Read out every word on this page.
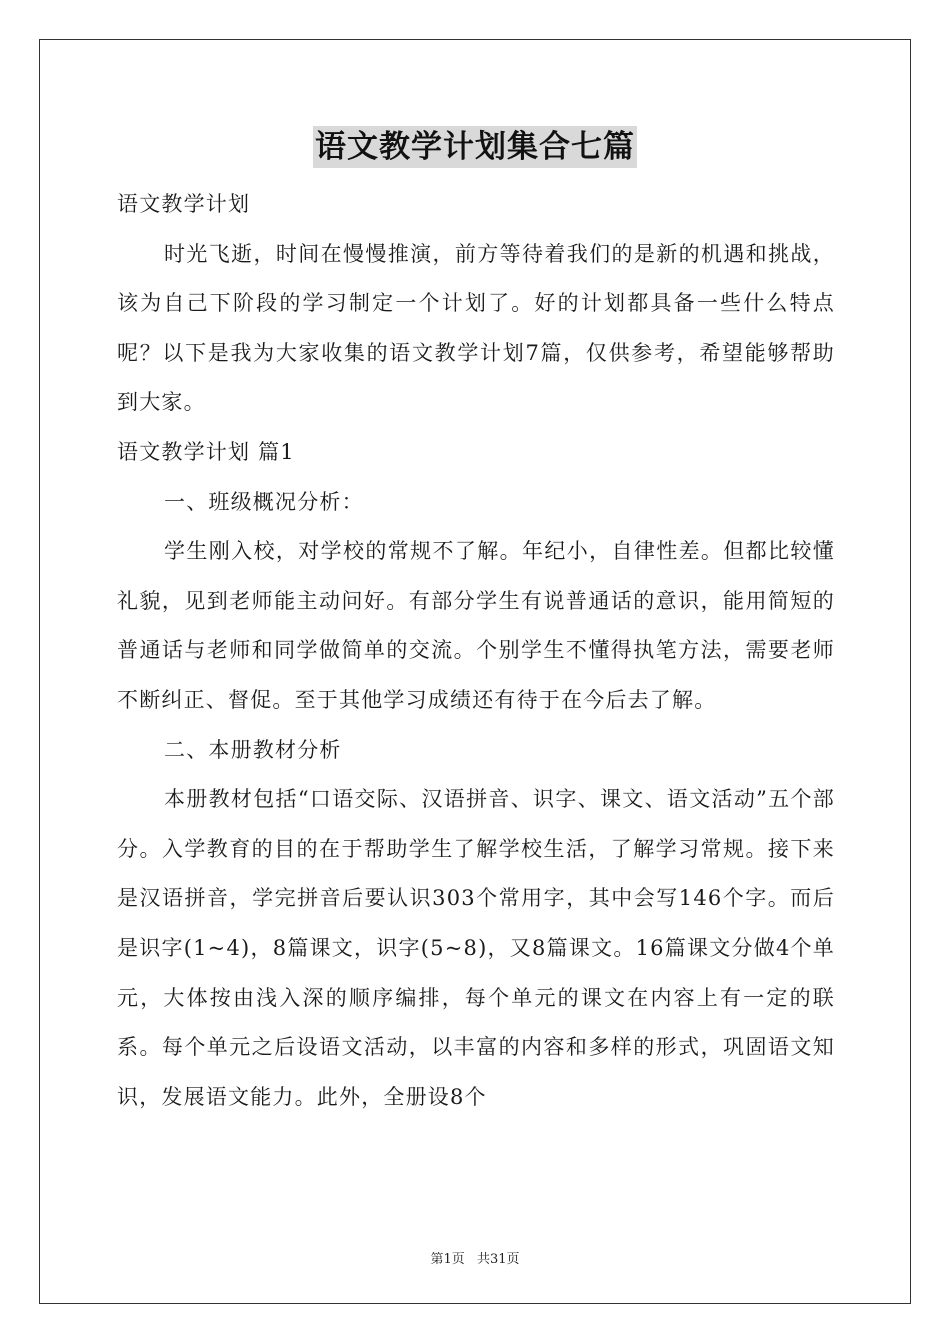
语文教学计划集合七篇

语文教学计划

时光飞逝，时间在慢慢推演，前方等待着我们的是新的机遇和挑战，该为自己下阶段的学习制定一个计划了。好的计划都具备一些什么特点呢？以下是我为大家收集的语文教学计划7篇，仅供参考，希望能够帮助到大家。

语文教学计划 篇1

一、班级概况分析：

学生刚入校，对学校的常规不了解。年纪小，自律性差。但都比较懂礼貌，见到老师能主动问好。有部分学生有说普通话的意识，能用简短的普通话与老师和同学做简单的交流。个别学生不懂得执笔方法，需要老师不断纠正、督促。至于其他学习成绩还有待于在今后去了解。

二、本册教材分析

本册教材包括“口语交际、汉语拼音、识字、课文、语文活动”五个部分。入学教育的目的在于帮助学生了解学校生活，了解学习常规。接下来是汉语拼音，学完拼音后要认识303个常用字，其中会写146个字。而后是识字(1~4)，8篇课文，识字(5~8)，又8篇课文。16篇课文分做4个单元，大体按由浅入深的顺序编排，每个单元的课文在内容上有一定的联系。每个单元之后设语文活动，以丰富的内容和多样的形式，巩固语文知识，发展语文能力。此外，全册设8个

第1页 共31页
